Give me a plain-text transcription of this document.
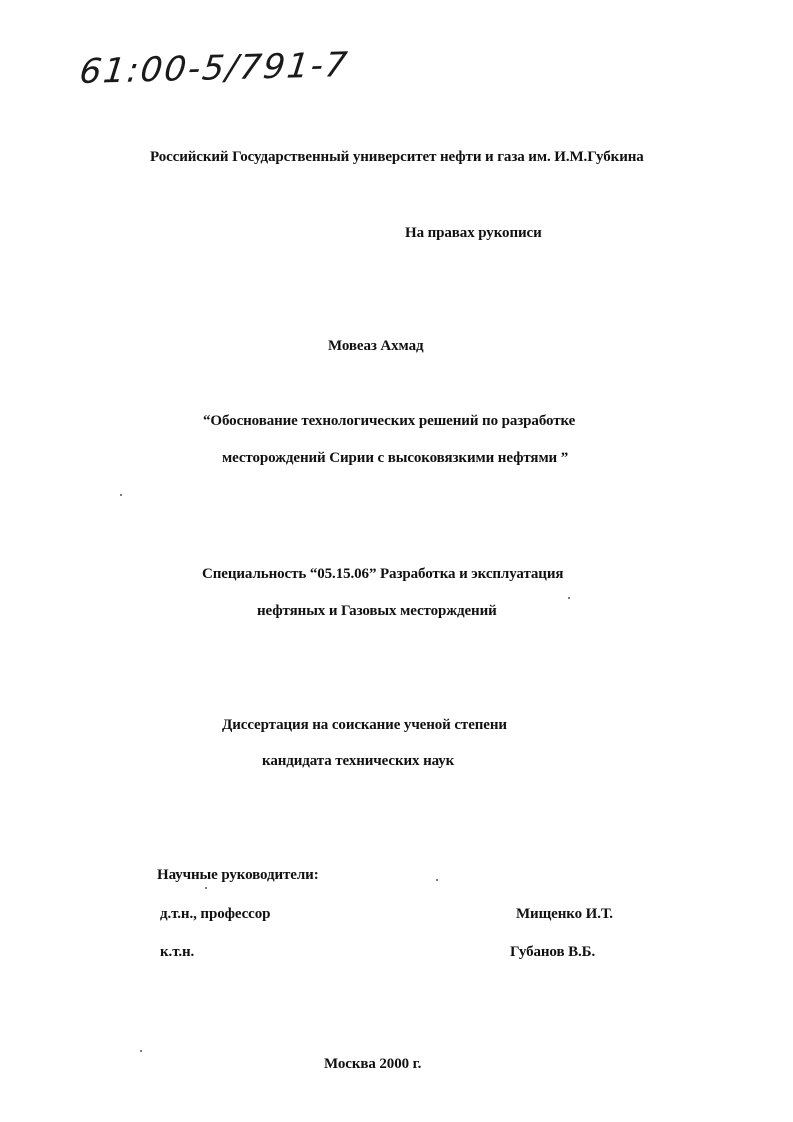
61:00-5/791-7
Российский Государственный университет нефти и газа им. И.М.Губкина
На правах рукописи
Мовеаз Ахмад
“Обоснование технологических решений по разработке
месторождений Сирии с высоковязкими нефтями ”
Специальность “05.15.06” Разработка и эксплуатация
нефтяных и Газовых месторждений
Диссертация на соискание ученой степени
кандидата технических наук
Научные руководители:
д.т.н., профессор	Мищенко И.Т.
к.т.н.	Губанов В.Б.
Москва 2000 г.
